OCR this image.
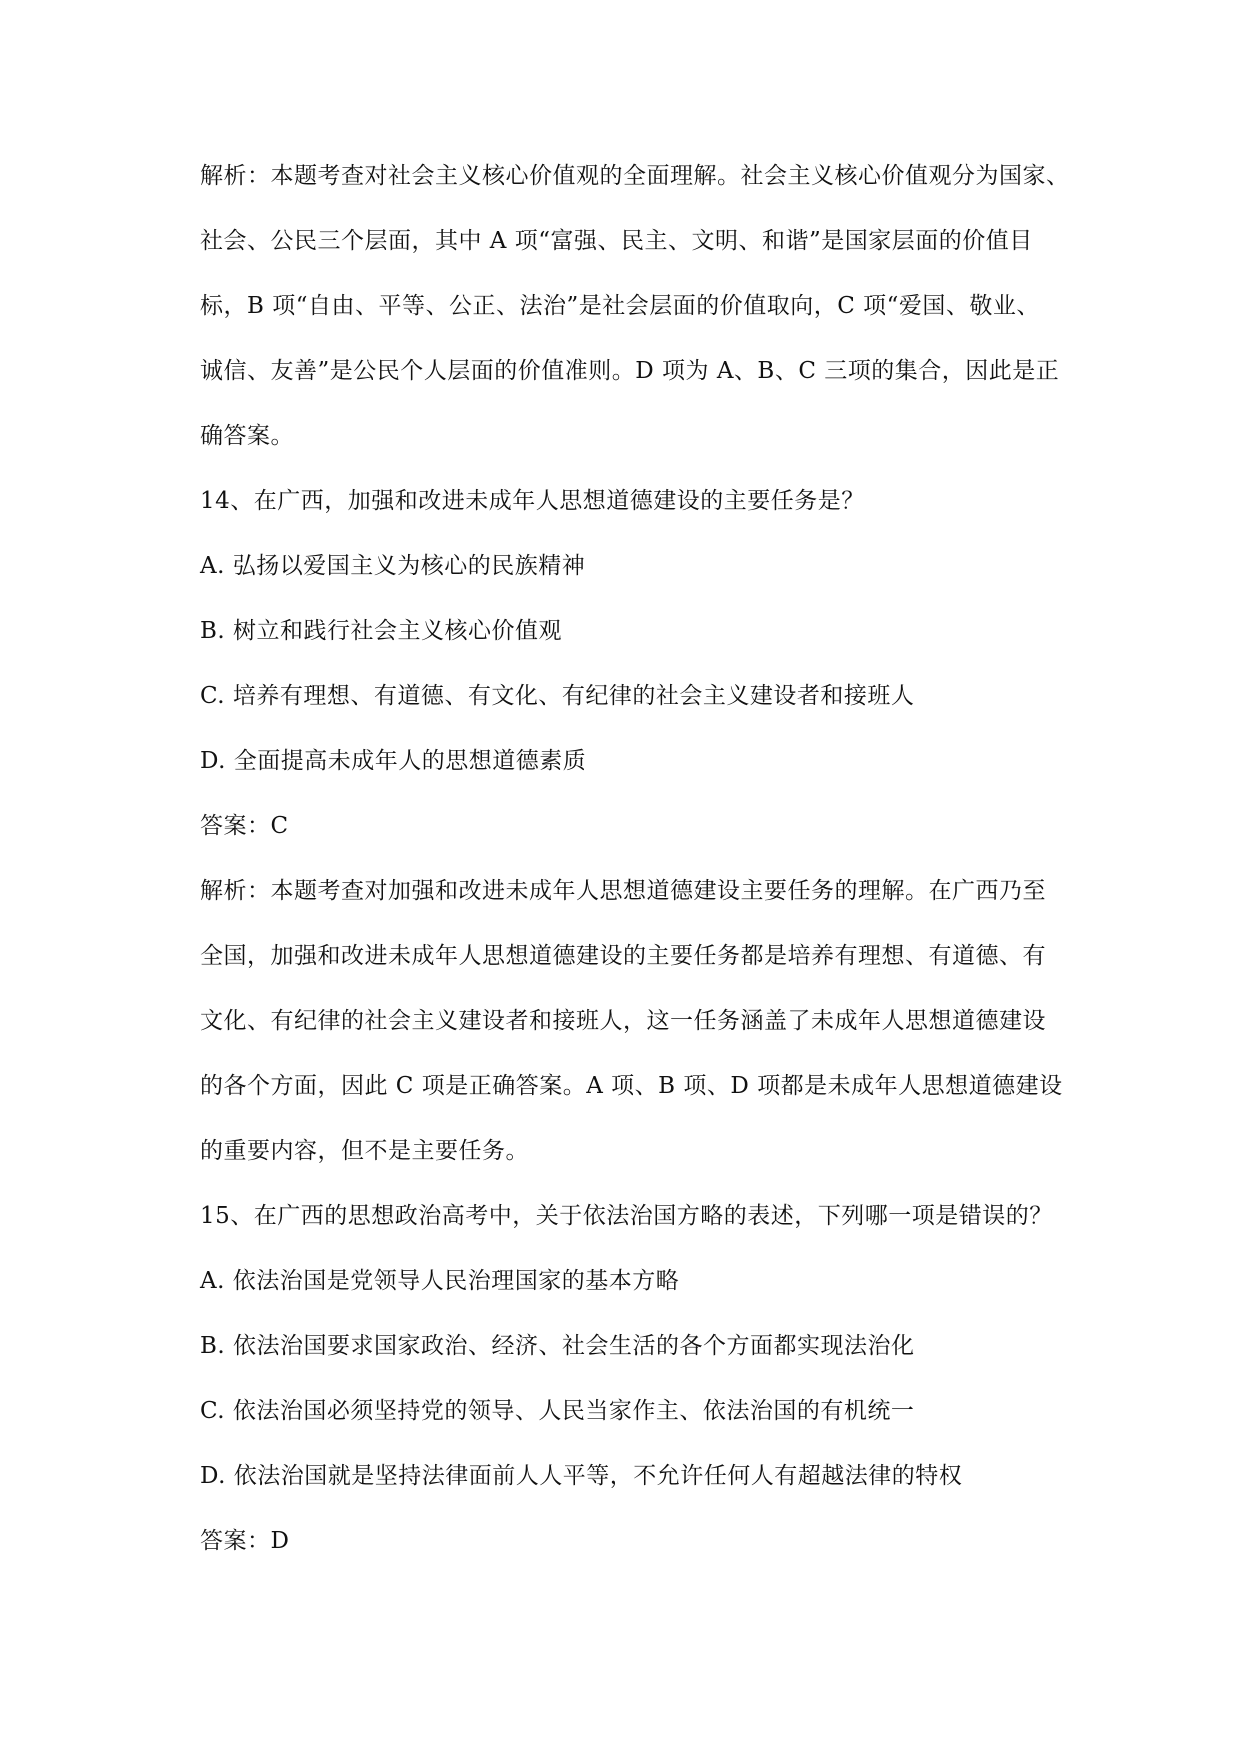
解析：本题考查对社会主义核心价值观的全面理解。社会主义核心价值观分为国家、
社会、公民三个层面，其中 A 项“富强、民主、文明、和谐”是国家层面的价值目
标，B 项“自由、平等、公正、法治”是社会层面的价值取向，C 项“爱国、敬业、
诚信、友善”是公民个人层面的价值准则。D 项为 A、B、C 三项的集合，因此是正
确答案。
14、在广西，加强和改进未成年人思想道德建设的主要任务是？
A. 弘扬以爱国主义为核心的民族精神
B. 树立和践行社会主义核心价值观
C. 培养有理想、有道德、有文化、有纪律的社会主义建设者和接班人
D. 全面提高未成年人的思想道德素质
答案：C
解析：本题考查对加强和改进未成年人思想道德建设主要任务的理解。在广西乃至
全国，加强和改进未成年人思想道德建设的主要任务都是培养有理想、有道德、有
文化、有纪律的社会主义建设者和接班人，这一任务涵盖了未成年人思想道德建设
的各个方面，因此 C 项是正确答案。A 项、B 项、D 项都是未成年人思想道德建设
的重要内容，但不是主要任务。
15、在广西的思想政治高考中，关于依法治国方略的表述，下列哪一项是错误的？
A. 依法治国是党领导人民治理国家的基本方略
B. 依法治国要求国家政治、经济、社会生活的各个方面都实现法治化
C. 依法治国必须坚持党的领导、人民当家作主、依法治国的有机统一
D. 依法治国就是坚持法律面前人人平等，不允许任何人有超越法律的特权
答案：D
